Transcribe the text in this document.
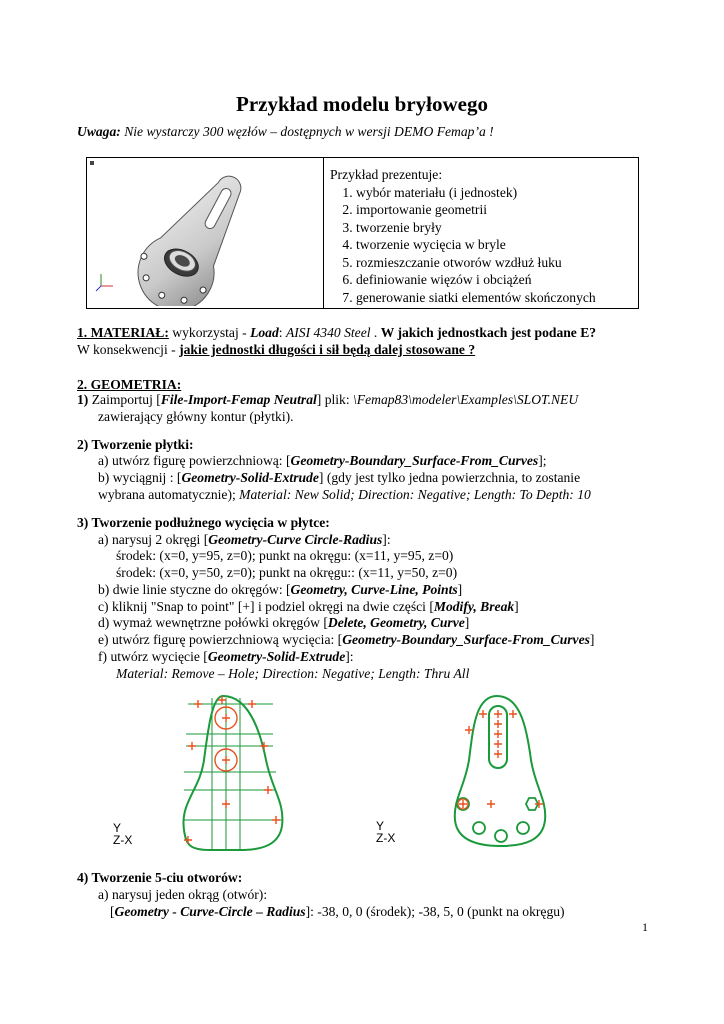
Przykład modelu bryłowego
Uwaga: Nie wystarczy 300 węzłów – dostępnych w wersji DEMO Femap’a !
Przykład prezentuje:
1. wybór materiału (i jednostek)
2. importowanie geometrii
3. tworzenie bryły
4. tworzenie wycięcia w bryle
5. rozmieszczanie otworów wzdłuż łuku
6. definiowanie więzów i obciążeń
7. generowanie siatki elementów skończonych
1. MATERIAŁ: wykorzystaj - Load: AISI 4340 Steel . W jakich jednostkach jest podane E?
W konsekwencji - jakie jednostki długości i sił będą dalej stosowane ?
2. GEOMETRIA:
1) Zaimportuj [File-Import-Femap Neutral] plik: \Femap83\modeler\Examples\SLOT.NEU
zawierający główny kontur (płytki).
2) Tworzenie płytki:
a) utwórz figurę powierzchniową: [Geometry-Boundary_Surface-From_Curves];
b) wyciągnij : [Geometry-Solid-Extrude] (gdy jest tylko jedna powierzchnia, to zostanie
wybrana automatycznie); Material: New Solid; Direction: Negative; Length: To Depth: 10
3) Tworzenie podłużnego wycięcia w płytce:
a) narysuj 2 okręgi [Geometry-Curve Circle-Radius]:
środek: (x=0, y=95, z=0); punkt na okręgu: (x=11, y=95, z=0)
środek: (x=0, y=50, z=0); punkt na okręgu:: (x=11, y=50, z=0)
b) dwie linie styczne do okręgów: [Geometry, Curve-Line, Points]
c) kliknij "Snap to point" [+] i podziel okręgi na dwie części [Modify, Break]
d) wymaż wewnętrzne połówki okręgów [Delete, Geometry, Curve]
e) utwórz figurę powierzchniową wycięcia: [Geometry-Boundary_Surface-From_Curves]
f) utwórz wycięcie [Geometry-Solid-Extrude]:
Material: Remove – Hole; Direction: Negative; Length: Thru All
Y
Z-X
Y
Z-X
4) Tworzenie 5-ciu otworów:
a) narysuj jeden okrąg (otwór):
[Geometry - Curve-Circle – Radius]: -38, 0, 0 (środek); -38, 5, 0 (punkt na okręgu)
1
